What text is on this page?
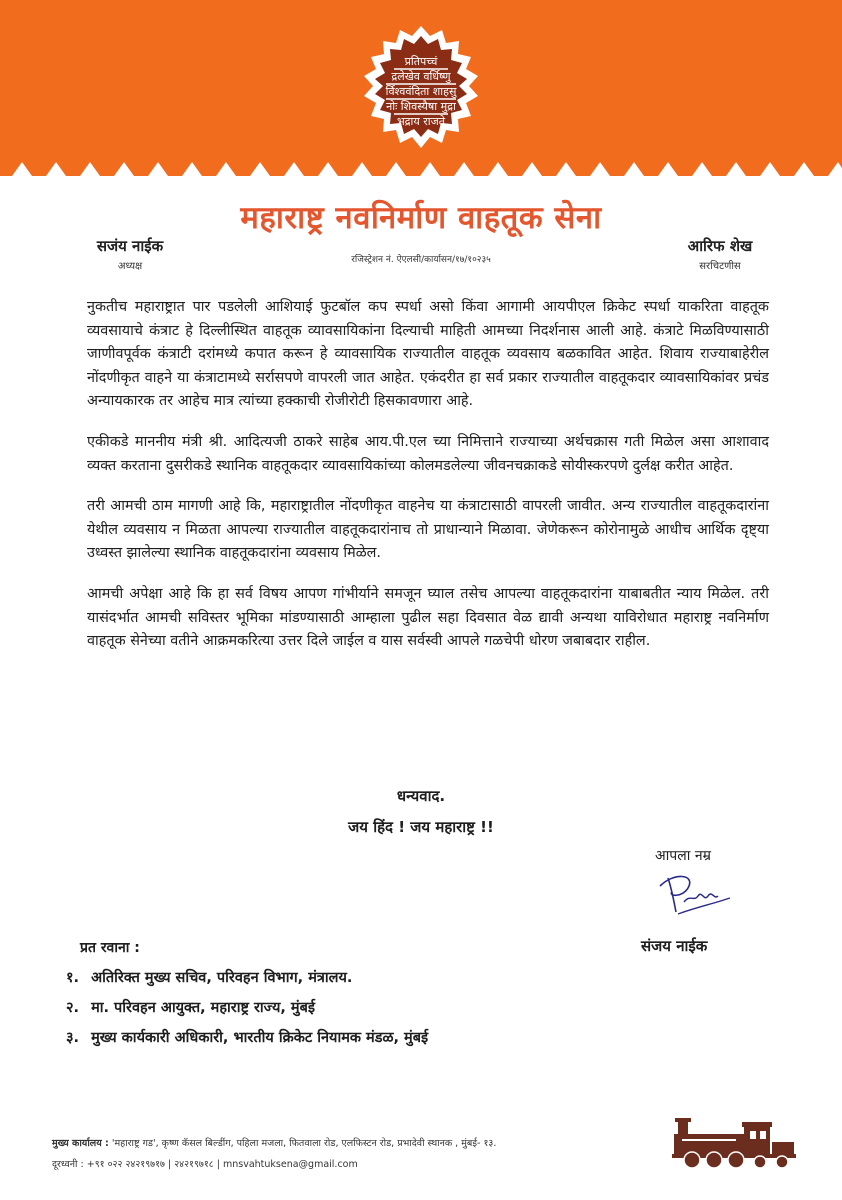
प्रतिपच्चं
द्रलेखेव वर्धिष्णु
र्विश्ववंदिता शाहसु
नोः शिवस्यैषा मुद्रा
भद्राय राजते
महाराष्ट्र नवनिर्माण वाहतूक सेना
सजंय नाईक
अध्यक्ष
रजिस्ट्रेशन नं. ऐएलसी/कार्यासन/१७/१०२३५
आरिफ शेख
सरचिटणीस

नुकतीच महाराष्ट्रात पार पडलेली आशियाई फुटबॉल कप स्पर्धा असो किंवा आगामी आयपीएल क्रिकेट स्पर्धा याकरिता वाहतूक व्यवसायाचे कंत्राट हे दिल्लीस्थित वाहतूक व्यावसायिकांना दिल्याची माहिती आमच्या निदर्शनास आली आहे. कंत्राटे मिळविण्यासाठी जाणीवपूर्वक कंत्राटी दरांमध्ये कपात करून हे व्यावसायिक राज्यातील वाहतूक व्यवसाय बळकावित आहेत. शिवाय राज्याबाहेरील नोंदणीकृत वाहने या कंत्राटामध्ये सर्रासपणे वापरली जात आहेत. एकंदरीत हा सर्व प्रकार राज्यातील वाहतूकदार व्यावसायिकांवर प्रचंड अन्यायकारक तर आहेच मात्र त्यांच्या हक्काची रोजीरोटी हिसकावणारा आहे.

एकीकडे माननीय मंत्री श्री. आदित्यजी ठाकरे साहेब आय.पी.एल च्या निमित्ताने राज्याच्या अर्थचक्रास गती मिळेल असा आशावाद व्यक्त करताना दुसरीकडे स्थानिक वाहतूकदार व्यावसायिकांच्या कोलमडलेल्या जीवनचक्राकडे सोयीस्करपणे दुर्लक्ष करीत आहेत.

तरी आमची ठाम मागणी आहे कि, महाराष्ट्रातील नोंदणीकृत वाहनेच या कंत्राटासाठी वापरली जावीत. अन्य राज्यातील वाहतूकदारांना येथील व्यवसाय न मिळता आपल्या राज्यातील वाहतूकदारांनाच तो प्राधान्याने मिळावा. जेणेकरून कोरोनामुळे आधीच आर्थिक दृष्ट्या उध्वस्त झालेल्या स्थानिक वाहतूकदारांना व्यवसाय मिळेल.

आमची अपेक्षा आहे कि हा सर्व विषय आपण गांभीर्याने समजून घ्याल तसेच आपल्या वाहतूकदारांना याबाबतीत न्याय मिळेल. तरी यासंदर्भात आमची सविस्तर भूमिका मांडण्यासाठी आम्हाला पुढील सहा दिवसात वेळ द्यावी अन्यथा याविरोधात महाराष्ट्र नवनिर्माण वाहतूक सेनेच्या वतीने आक्रमकरित्या उत्तर दिले जाईल व यास सर्वस्वी आपले गळचेपी धोरण जबाबदार राहील.

धन्यवाद.
जय हिंद ! जय महाराष्ट्र !!
आपला नम्र
संजय नाईक
प्रत रवाना :
१. अतिरिक्त मुख्य सचिव, परिवहन विभाग, मंत्रालय.
२. मा. परिवहन आयुक्त, महाराष्ट्र राज्य, मुंबई
३. मुख्य कार्यकारी अधिकारी, भारतीय क्रिकेट नियामक मंडळ, मुंबई
मुख्य कार्यालय : 'महाराष्ट्र गड', कृष्ण कॅसल बिल्डींग, पहिला मजला, फितवाला रोड, एलफिस्टन रोड, प्रभादेवी स्थानक , मुंबई- १३.
दूरध्वनी : +९१ ०२२ २४२१९७१७ | २४२१९७१८ | mnsvahtuksena@gmail.com
